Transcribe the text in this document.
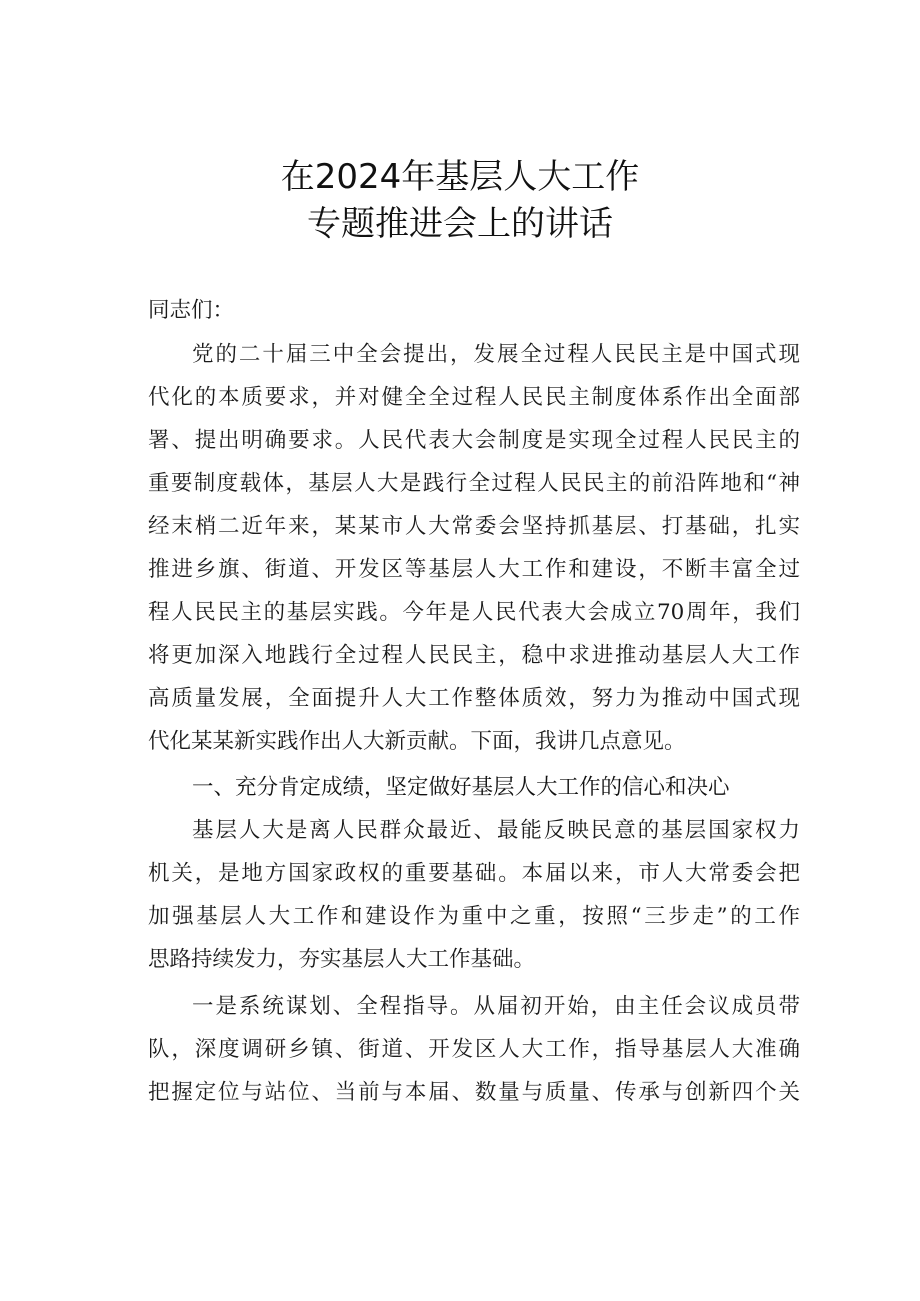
在2024年基层人大工作
专题推进会上的讲话
同志们：
党的二十届三中全会提出，发展全过程人民民主是中国式现
代化的本质要求，并对健全全过程人民民主制度体系作出全面部
署、提出明确要求。人民代表大会制度是实现全过程人民民主的
重要制度载体，基层人大是践行全过程人民民主的前沿阵地和“神
经末梢二近年来，某某市人大常委会坚持抓基层、打基础，扎实
推进乡旗、街道、开发区等基层人大工作和建设，不断丰富全过
程人民民主的基层实践。今年是人民代表大会成立70周年，我们
将更加深入地践行全过程人民民主，稳中求进推动基层人大工作
高质量发展，全面提升人大工作整体质效，努力为推动中国式现
代化某某新实践作出人大新贡献。下面，我讲几点意见。
一、充分肯定成绩，坚定做好基层人大工作的信心和决心
基层人大是离人民群众最近、最能反映民意的基层国家权力
机关，是地方国家政权的重要基础。本届以来，市人大常委会把
加强基层人大工作和建设作为重中之重，按照“三步走”的工作
思路持续发力，夯实基层人大工作基础。
一是系统谋划、全程指导。从届初开始，由主任会议成员带
队，深度调研乡镇、街道、开发区人大工作，指导基层人大准确
把握定位与站位、当前与本届、数量与质量、传承与创新四个关
